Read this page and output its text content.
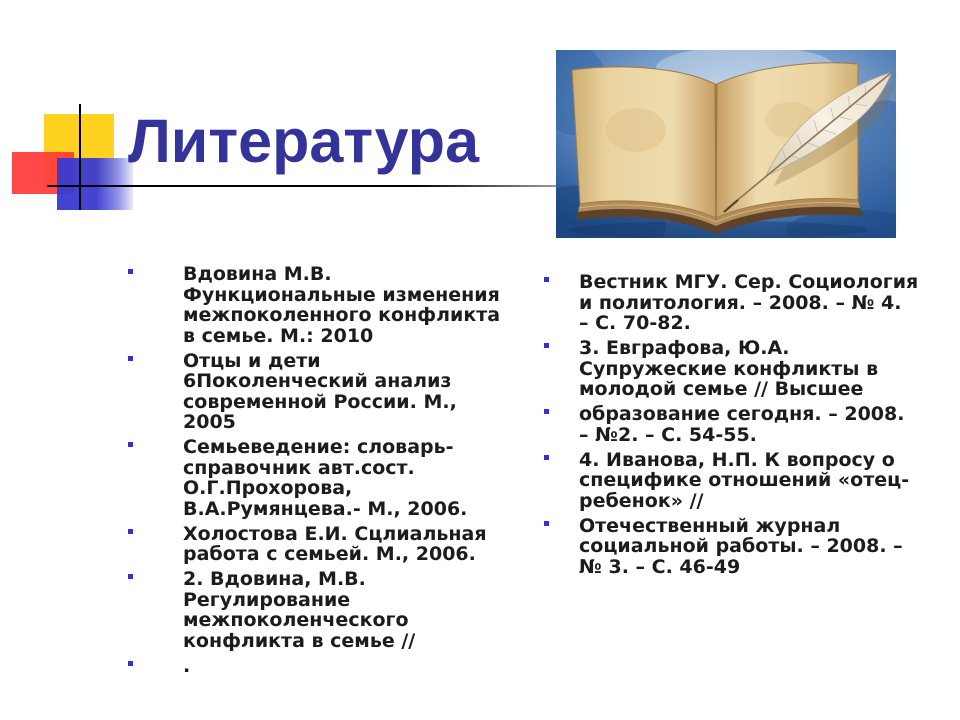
Литература
Вдовина М.В.
Функциональные изменения
межпоколенного конфликта
в семье. М.: 2010
Отцы и дети
6Поколенческий анализ
современной России. М.,
2005
Семьеведение: словарь-
справочник авт.сост.
О.Г.Прохорова,
В.А.Румянцева.- М., 2006.
Холостова Е.И. Сцлиальная
работа с семьей. М., 2006.
2. Вдовина, М.В.
Регулирование
межпоколенческого
конфликта в семье //
.
Вестник МГУ. Сер. Социология
и политология. – 2008. – № 4.
– С. 70-82.
3. Евграфова, Ю.А.
Супружеские конфликты в
молодой семье // Высшее
образование сегодня. – 2008.
– №2. – С. 54-55.
4. Иванова, Н.П. К вопросу о
специфике отношений «отец-
ребенок» //
Отечественный журнал
социальной работы. – 2008. –
№ 3. – С. 46-49
